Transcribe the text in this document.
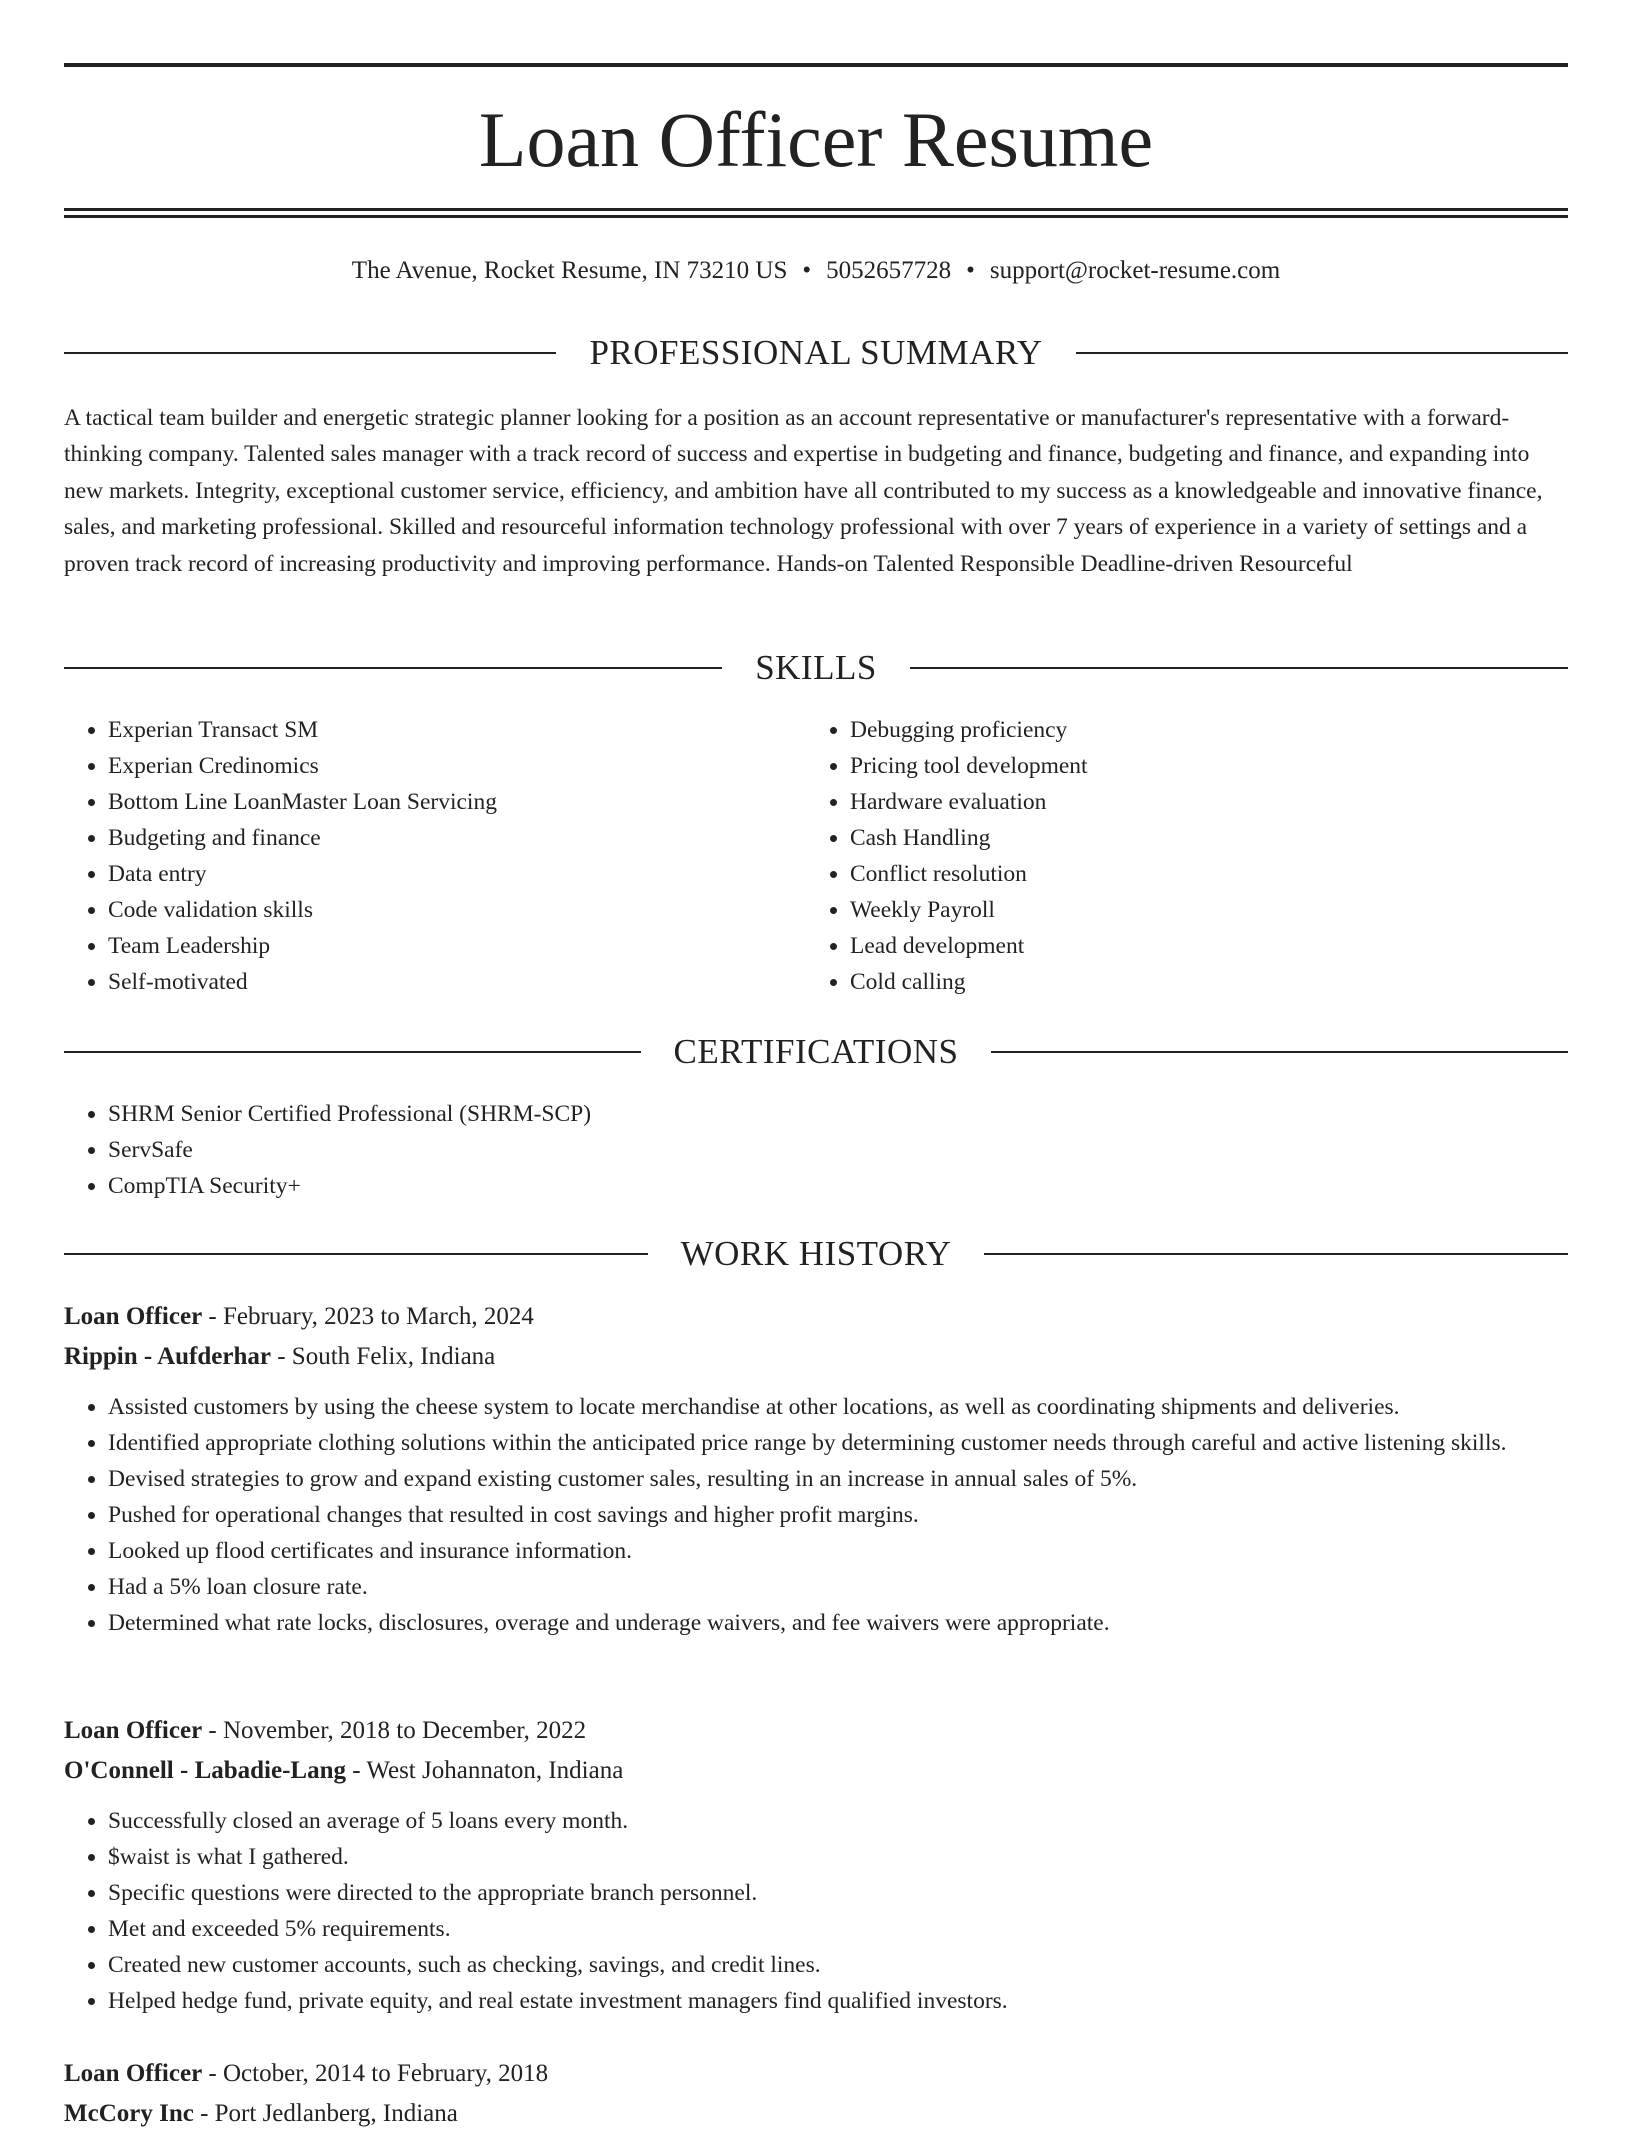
Loan Officer Resume
The Avenue, Rocket Resume, IN 73210 US • 5052657728 • support@rocket-resume.com
PROFESSIONAL SUMMARY

A tactical team builder and energetic strategic planner looking for a position as an account representative or manufacturer's representative with a forward-thinking company. Talented sales manager with a track record of success and expertise in budgeting and finance, budgeting and finance, and expanding into new markets. Integrity, exceptional customer service, efficiency, and ambition have all contributed to my success as a knowledgeable and innovative finance, sales, and marketing professional. Skilled and resourceful information technology professional with over 7 years of experience in a variety of settings and a proven track record of increasing productivity and improving performance. Hands-on Talented Responsible Deadline-driven Resourceful

SKILLS
• Experian Transact SM
• Experian Credinomics
• Bottom Line LoanMaster Loan Servicing
• Budgeting and finance
• Data entry
• Code validation skills
• Team Leadership
• Self-motivated
• Debugging proficiency
• Pricing tool development
• Hardware evaluation
• Cash Handling
• Conflict resolution
• Weekly Payroll
• Lead development
• Cold calling
CERTIFICATIONS
• SHRM Senior Certified Professional (SHRM-SCP)
• ServSafe
• CompTIA Security+
WORK HISTORY
Loan Officer - February, 2023 to March, 2024
Rippin - Aufderhar - South Felix, Indiana
• Assisted customers by using the cheese system to locate merchandise at other locations, as well as coordinating shipments and deliveries.
• Identified appropriate clothing solutions within the anticipated price range by determining customer needs through careful and active listening skills.
• Devised strategies to grow and expand existing customer sales, resulting in an increase in annual sales of 5%.
• Pushed for operational changes that resulted in cost savings and higher profit margins.
• Looked up flood certificates and insurance information.
• Had a 5% loan closure rate.
• Determined what rate locks, disclosures, overage and underage waivers, and fee waivers were appropriate.
Loan Officer - November, 2018 to December, 2022
O'Connell - Labadie-Lang - West Johannaton, Indiana
• Successfully closed an average of 5 loans every month.
• $waist is what I gathered.
• Specific questions were directed to the appropriate branch personnel.
• Met and exceeded 5% requirements.
• Created new customer accounts, such as checking, savings, and credit lines.
• Helped hedge fund, private equity, and real estate investment managers find qualified investors.
Loan Officer - October, 2014 to February, 2018
McCory Inc - Port Jedlanberg, Indiana
